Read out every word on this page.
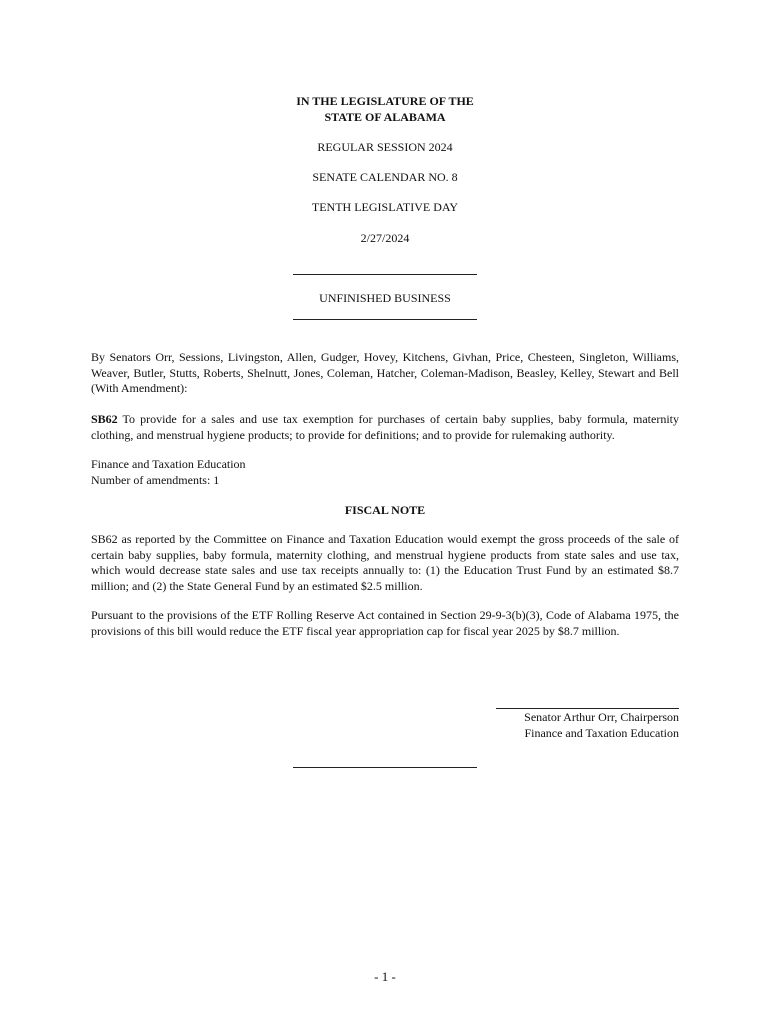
IN THE LEGISLATURE OF THE
STATE OF ALABAMA
REGULAR SESSION 2024
SENATE CALENDAR NO. 8
TENTH LEGISLATIVE DAY
2/27/2024
UNFINISHED BUSINESS
By Senators Orr, Sessions, Livingston, Allen, Gudger, Hovey, Kitchens, Givhan, Price, Chesteen, Singleton, Williams, Weaver, Butler, Stutts, Roberts, Shelnutt, Jones, Coleman, Hatcher, Coleman-Madison, Beasley, Kelley, Stewart and Bell (With Amendment):
SB62 To provide for a sales and use tax exemption for purchases of certain baby supplies, baby formula, maternity clothing, and menstrual hygiene products; to provide for definitions; and to provide for rulemaking authority.
Finance and Taxation Education
Number of amendments: 1
FISCAL NOTE
SB62 as reported by the Committee on Finance and Taxation Education would exempt the gross proceeds of the sale of certain baby supplies, baby formula, maternity clothing, and menstrual hygiene products from state sales and use tax, which would decrease state sales and use tax receipts annually to: (1) the Education Trust Fund by an estimated $8.7 million; and (2) the State General Fund by an estimated $2.5 million.
Pursuant to the provisions of the ETF Rolling Reserve Act contained in Section 29-9-3(b)(3), Code of Alabama 1975, the provisions of this bill would reduce the ETF fiscal year appropriation cap for fiscal year 2025 by $8.7 million.
Senator Arthur Orr, Chairperson
Finance and Taxation Education
- 1 -
